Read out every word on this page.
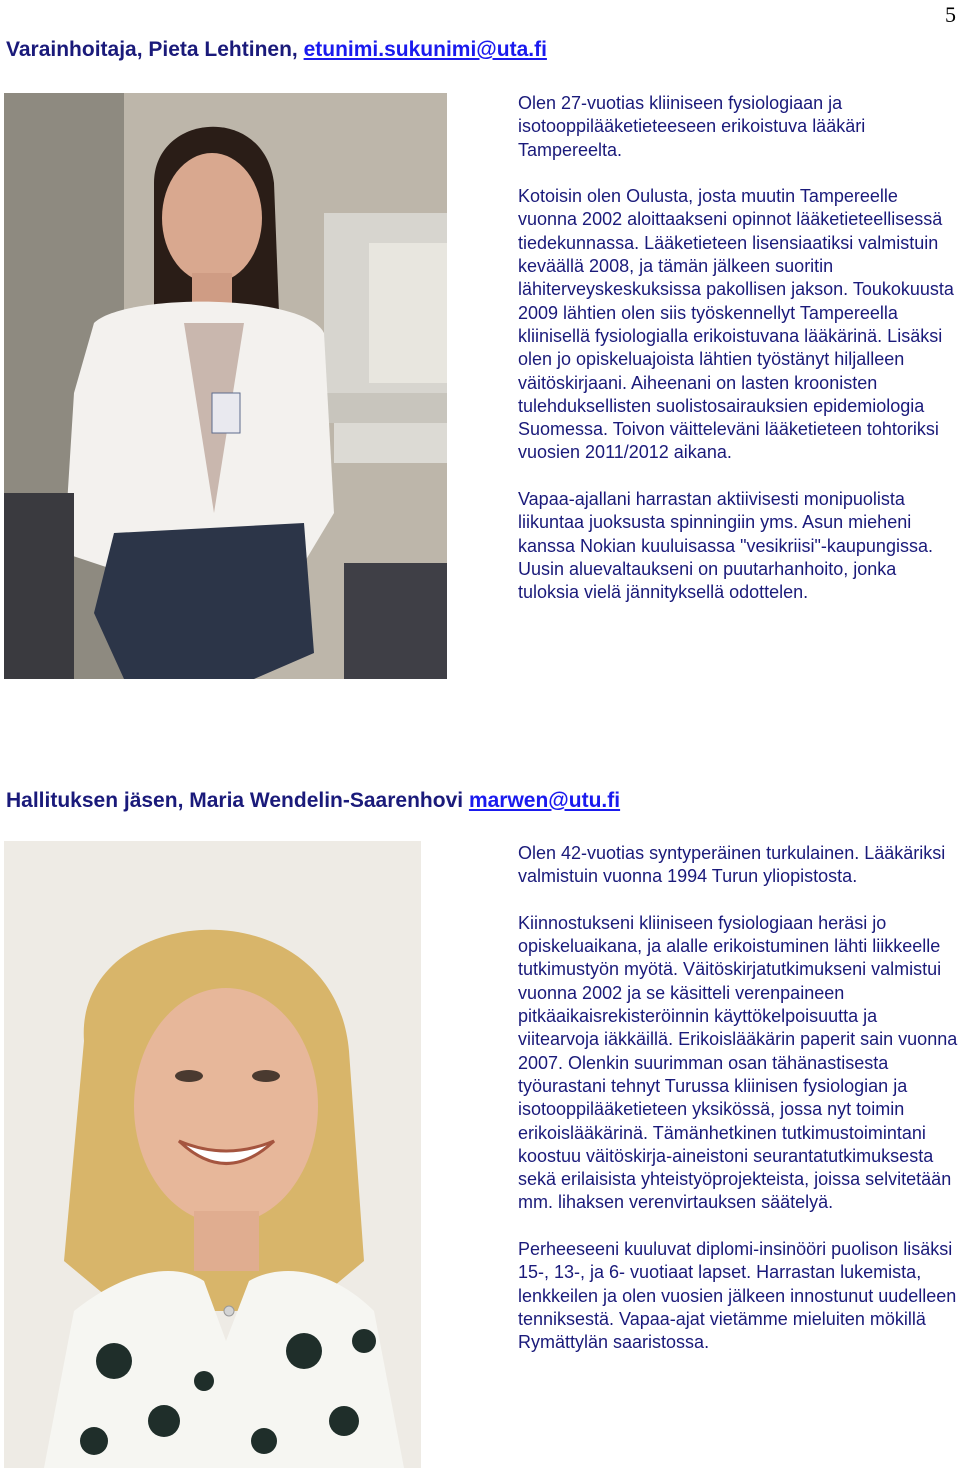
5
Varainhoitaja, Pieta Lehtinen, etunimi.sukunimi@uta.fi

Olen 27-vuotias kliiniseen fysiologiaan ja isotooppilääketieteeseen erikoistuva lääkäri Tampereelta.

Kotoisin olen Oulusta, josta muutin Tampereelle vuonna 2002 aloittaakseni opinnot lääketieteellisessä tiedekunnassa. Lääketieteen lisensiaatiksi valmistuin keväällä 2008, ja tämän jälkeen suoritin lähiterveyskeskuksissa pakollisen jakson. Toukokuusta 2009 lähtien olen siis työskennellyt Tampereella kliinisellä fysiologialla erikoistuvana lääkärinä. Lisäksi olen jo opiskeluajoista lähtien työstänyt hiljalleen väitöskirjaani. Aiheenani on lasten kroonisten tulehduksellisten suolistosairauksien epidemiologia Suomessa. Toivon väitteleväni lääketieteen tohtoriksi vuosien 2011/2012 aikana.

Vapaa-ajallani harrastan aktiivisesti monipuolista liikuntaa juoksusta spinningiin yms. Asun mieheni kanssa Nokian kuuluisassa "vesikriisi"-kaupungissa. Uusin aluevaltaukseni on puutarhanhoito, jonka tuloksia vielä jännityksellä odottelen.

Hallituksen jäsen, Maria Wendelin-Saarenhovi marwen@utu.fi

Olen 42-vuotias syntyperäinen turkulainen. Lääkäriksi valmistuin vuonna 1994 Turun yliopistosta.

Kiinnostukseni kliiniseen fysiologiaan heräsi jo opiskeluaikana, ja alalle erikoistuminen lähti liikkeelle tutkimustyön myötä. Väitöskirjatutkimukseni valmistui vuonna 2002 ja se käsitteli verenpaineen pitkäaikaisrekisteröinnin käyttökelpoisuutta ja viitearvoja iäkkäillä. Erikoislääkärin paperit sain vuonna 2007. Olenkin suurimman osan tähänastisesta työurastani tehnyt Turussa kliinisen fysiologian ja isotooppilääketieteen yksikössä, jossa nyt toimin erikoislääkärinä. Tämänhetkinen tutkimustoimintani koostuu väitöskirja-aineistoni seurantatutkimuksesta sekä erilaisista yhteistyöprojekteista, joissa selvitetään mm. lihaksen verenvirtauksen säätelyä.

Perheeseeni kuuluvat diplomi-insinööri puolison lisäksi 15-, 13-, ja 6- vuotiaat lapset. Harrastan lukemista, lenkkeilen ja olen vuosien jälkeen innostunut uudelleen tenniksestä. Vapaa-ajat vietämme mieluiten mökillä Rymättylän saaristossa.
